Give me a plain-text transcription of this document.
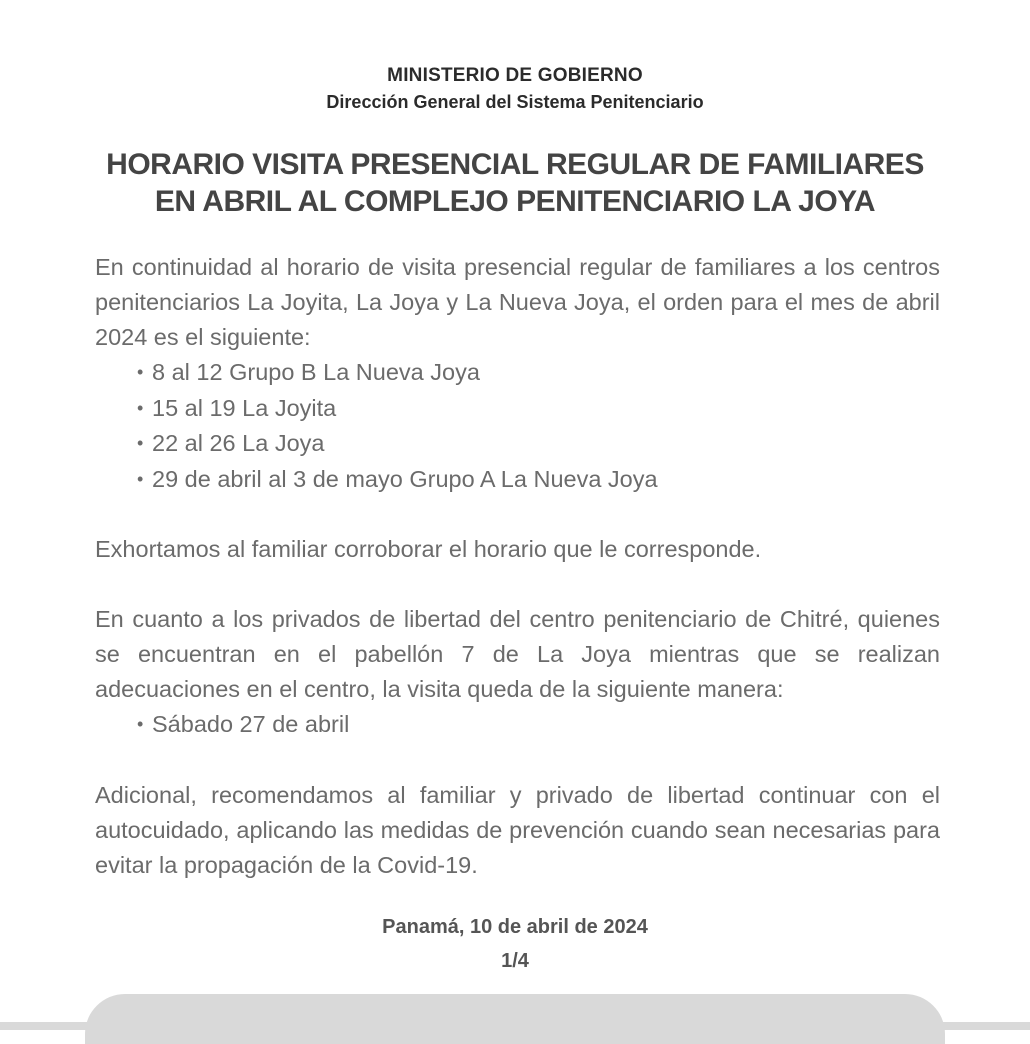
MINISTERIO DE GOBIERNO
Dirección General del Sistema Penitenciario
HORARIO VISITA PRESENCIAL REGULAR DE FAMILIARES
EN ABRIL AL COMPLEJO PENITENCIARIO LA JOYA

En continuidad al horario de visita presencial regular de familiares a los centros penitenciarios La Joyita, La Joya y La Nueva Joya, el orden para el mes de abril 2024 es el siguiente:

• 8 al 12 Grupo B La Nueva Joya
• 15 al 19 La Joyita
• 22 al 26 La Joya
• 29 de abril al 3 de mayo Grupo A La Nueva Joya

Exhortamos al familiar corroborar el horario que le corresponde.

En cuanto a los privados de libertad del centro penitenciario de Chitré, quienes se encuentran en el pabellón 7 de La Joya mientras que se realizan adecuaciones en el centro, la visita queda de la siguiente manera:

• Sábado 27 de abril

Adicional, recomendamos al familiar y privado de libertad continuar con el autocuidado, aplicando las medidas de prevención cuando sean necesarias para evitar la propagación de la Covid-19.

Panamá, 10 de abril de 2024
1/4
